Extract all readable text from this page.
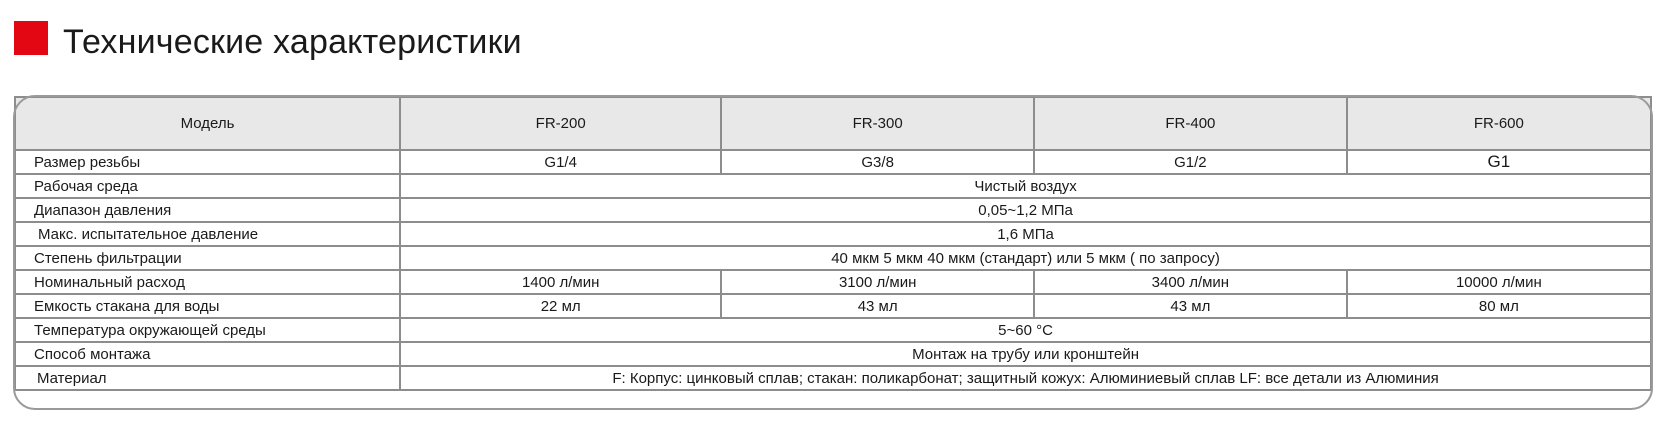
Технические характеристики
Модель	FR-200	FR-300	FR-400	FR-600
Размер резьбы	G1/4	G3/8	G1/2	G1
Рабочая среда	Чистый воздух			
Диапазон давления	0,05~1,2 МПа			
Макс. испытательное давление	1,6 МПа			
Степень фильтрации	40 мкм 5 мкм 40 мкм (стандарт) или 5 мкм ( по запросу)			
Номинальный расход	1400 л/мин	3100 л/мин	3400 л/мин	10000 л/мин
Емкость стакана для воды	22 мл	43 мл	43 мл	80 мл
Температура окружающей среды	5~60 °C			
Способ монтажа	Монтаж на трубу или кронштейн			
Материал	F: Корпус: цинковый сплав; стакан: поликарбонат; защитный кожух: Алюминиевый сплав LF: все детали из Алюминия			
